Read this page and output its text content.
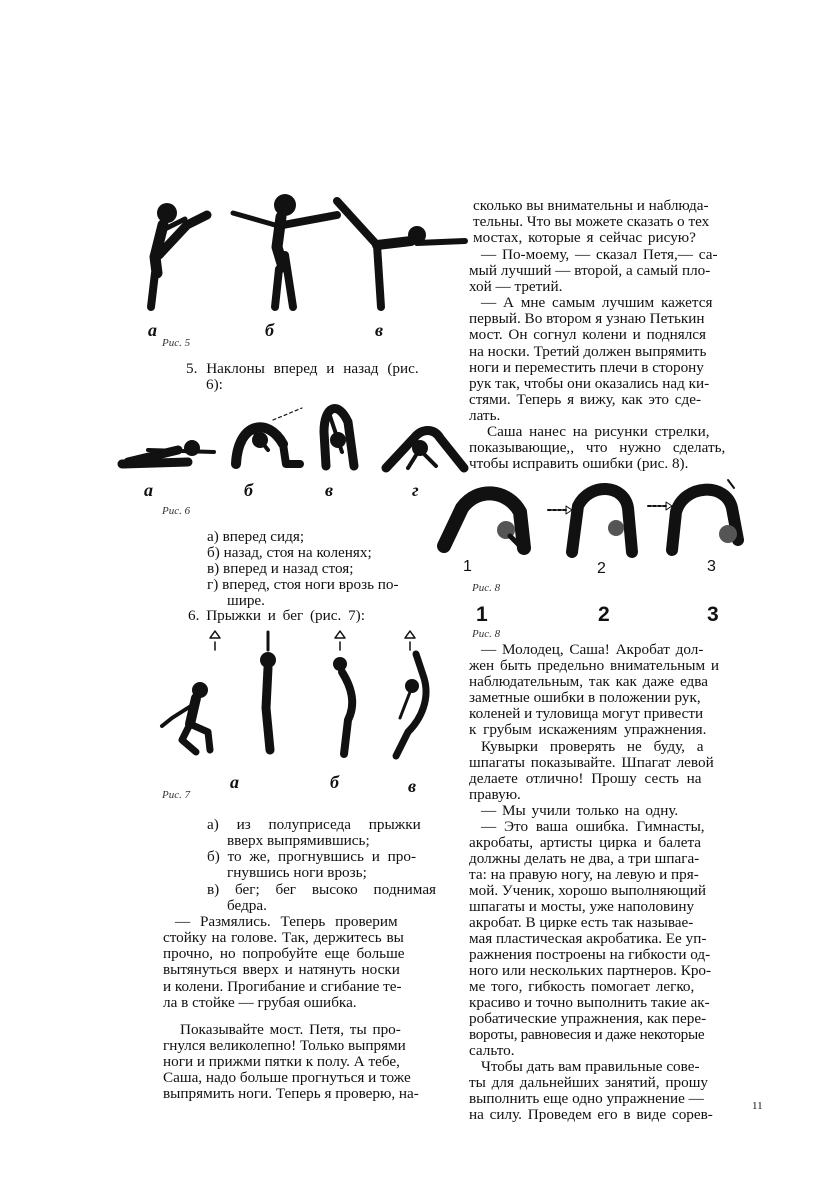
а	б	в
Рис. 5
5. Наклоны вперед и назад (рис.
6):
а	б	в	г
Рис. 6
а) вперед сидя;
б) назад, стоя на коленях;
в) вперед и назад стоя;
г) вперед, стоя ноги врозь по-
шире.
6. Прыжки и бег (рис. 7):
а	б	в
Рис. 7
а) из полуприседа прыжки
вверх выпрямившись;
б) то же, прогнувшись и про-
гнувшись ноги врозь;
в) бег; бег высоко поднимая
бедра.
— Размялись. Теперь проверим
стойку на голове. Так, держитесь вы
прочно, но попробуйте еще больше
вытянуться вверх и натянуть носки
и колени. Прогибание и сгибание те-
ла в стойке — грубая ошибка.
Показывайте мост. Петя, ты про-
гнулся великолепно! Только выпрями
ноги и прижми пятки к полу. А тебе,
Саша, надо больше прогнуться и тоже
выпрямить ноги. Теперь я проверю, на-
сколько вы внимательны и наблюда-
тельны. Что вы можете сказать о тех
мостах, которые я сейчас рисую?
— По-моему, — сказал Петя,— са-
мый лучший — второй, а самый пло-
хой — третий.
— А мне самым лучшим кажется
первый. Во втором я узнаю Петькин
мост. Он согнул колени и поднялся
на носки. Третий должен выпрямить
ноги и переместить плечи в сторону
рук так, чтобы они оказались над ки-
стями. Теперь я вижу, как это сде-
лать.
Саша нанес на рисунки стрелки,
показывающие,, что нужно сделать,
чтобы исправить ошибки (рис. 8).
1	2	3
Рис. 8
1	2	3
Рис. 8
— Молодец, Саша! Акробат дол-
жен быть предельно внимательным и
наблюдательным, так как даже едва
заметные ошибки в положении рук,
коленей и туловища могут привести
к грубым искажениям упражнения.
Кувырки проверять не буду, а
шпагаты показывайте. Шпагат левой
делаете отлично! Прошу сесть на
правую.
— Мы учили только на одну.
— Это ваша ошибка. Гимнасты,
акробаты, артисты цирка и балета
должны делать не два, а три шпага-
та: на правую ногу, на левую и пря-
мой. Ученик, хорошо выполняющий
шпагаты и мосты, уже наполовину
акробат. В цирке есть так называе-
мая пластическая акробатика. Ее уп-
ражнения построены на гибкости од-
ного или нескольких партнеров. Кро-
ме того, гибкость помогает легко,
красиво и точно выполнить такие ак-
робатические упражнения, как пере-
вороты, равновесия и даже некоторые
сальто.
Чтобы дать вам правильные сове-
ты для дальнейших занятий, прошу
выполнить еще одно упражнение —
на силу. Проведем его в виде сорев-	11
